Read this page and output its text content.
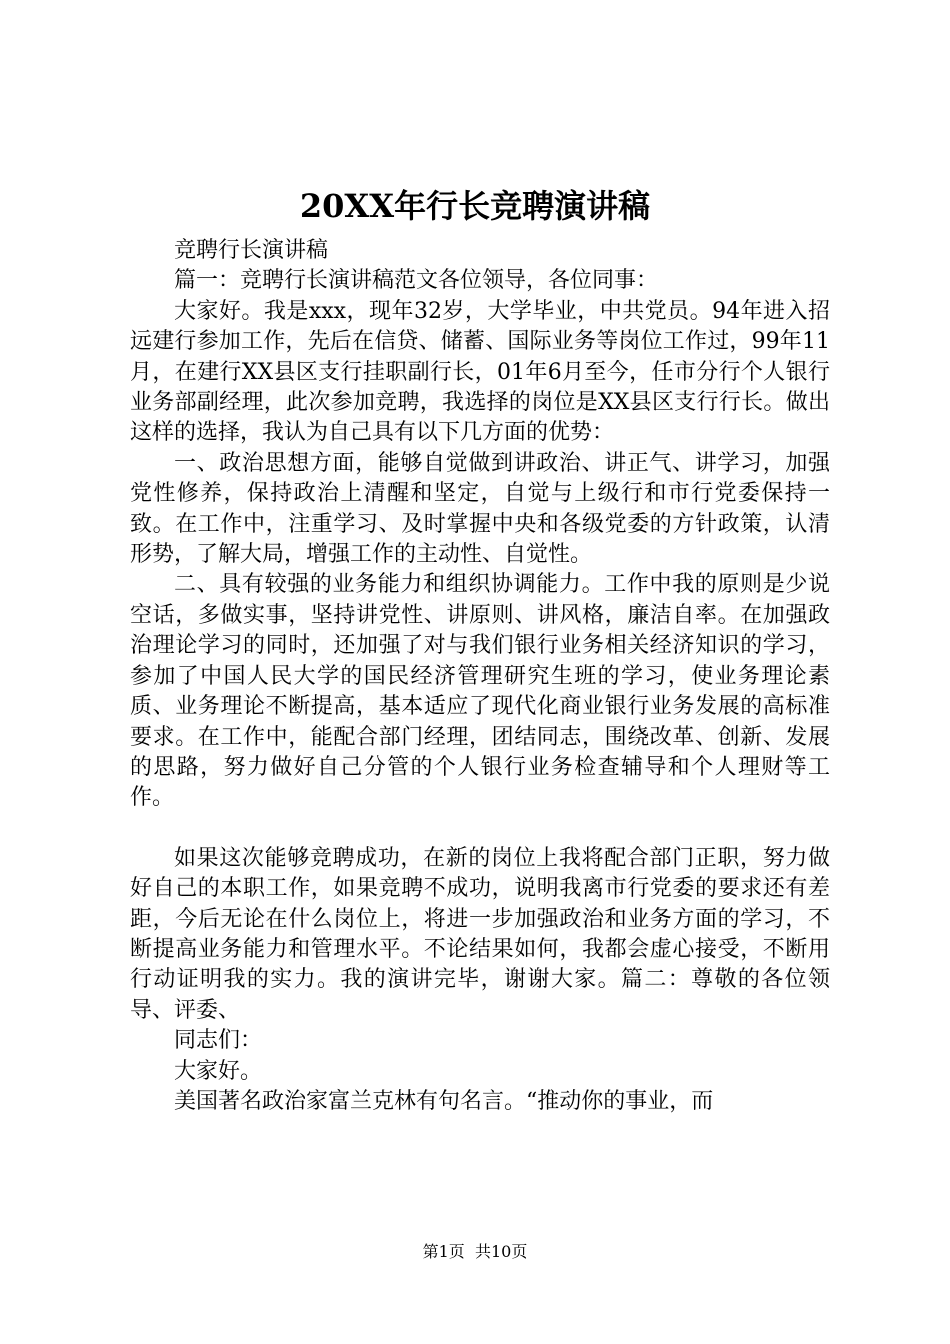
20XX年行长竞聘演讲稿

竞聘行长演讲稿

篇一：竞聘行长演讲稿范文各位领导，各位同事：

大家好。我是xxx，现年32岁，大学毕业，中共党员。94年进入招远建行参加工作，先后在信贷、储蓄、国际业务等岗位工作过，99年11月，在建行XX县区支行挂职副行长，01年6月至今，任市分行个人银行业务部副经理，此次参加竞聘，我选择的岗位是XX县区支行行长。做出这样的选择，我认为自己具有以下几方面的优势：

一、政治思想方面，能够自觉做到讲政治、讲正气、讲学习，加强党性修养，保持政治上清醒和坚定，自觉与上级行和市行党委保持一致。在工作中，注重学习、及时掌握中央和各级党委的方针政策，认清形势，了解大局，增强工作的主动性、自觉性。

二、具有较强的业务能力和组织协调能力。工作中我的原则是少说空话，多做实事，坚持讲党性、讲原则、讲风格，廉洁自率。在加强政治理论学习的同时，还加强了对与我们银行业务相关经济知识的学习，参加了中国人民大学的国民经济管理研究生班的学习，使业务理论素质、业务理论不断提高，基本适应了现代化商业银行业务发展的高标准要求。在工作中，能配合部门经理，团结同志，围绕改革、创新、发展的思路，努力做好自己分管的个人银行业务检查辅导和个人理财等工作。

如果这次能够竞聘成功，在新的岗位上我将配合部门正职，努力做好自己的本职工作，如果竞聘不成功，说明我离市行党委的要求还有差距，今后无论在什么岗位上，将进一步加强政治和业务方面的学习，不断提高业务能力和管理水平。不论结果如何，我都会虚心接受，不断用行动证明我的实力。我的演讲完毕，谢谢大家。篇二：尊敬的各位领导、评委、

同志们：

大家好。

美国著名政治家富兰克林有句名言。“推动你的事业，而

第1页 共10页
